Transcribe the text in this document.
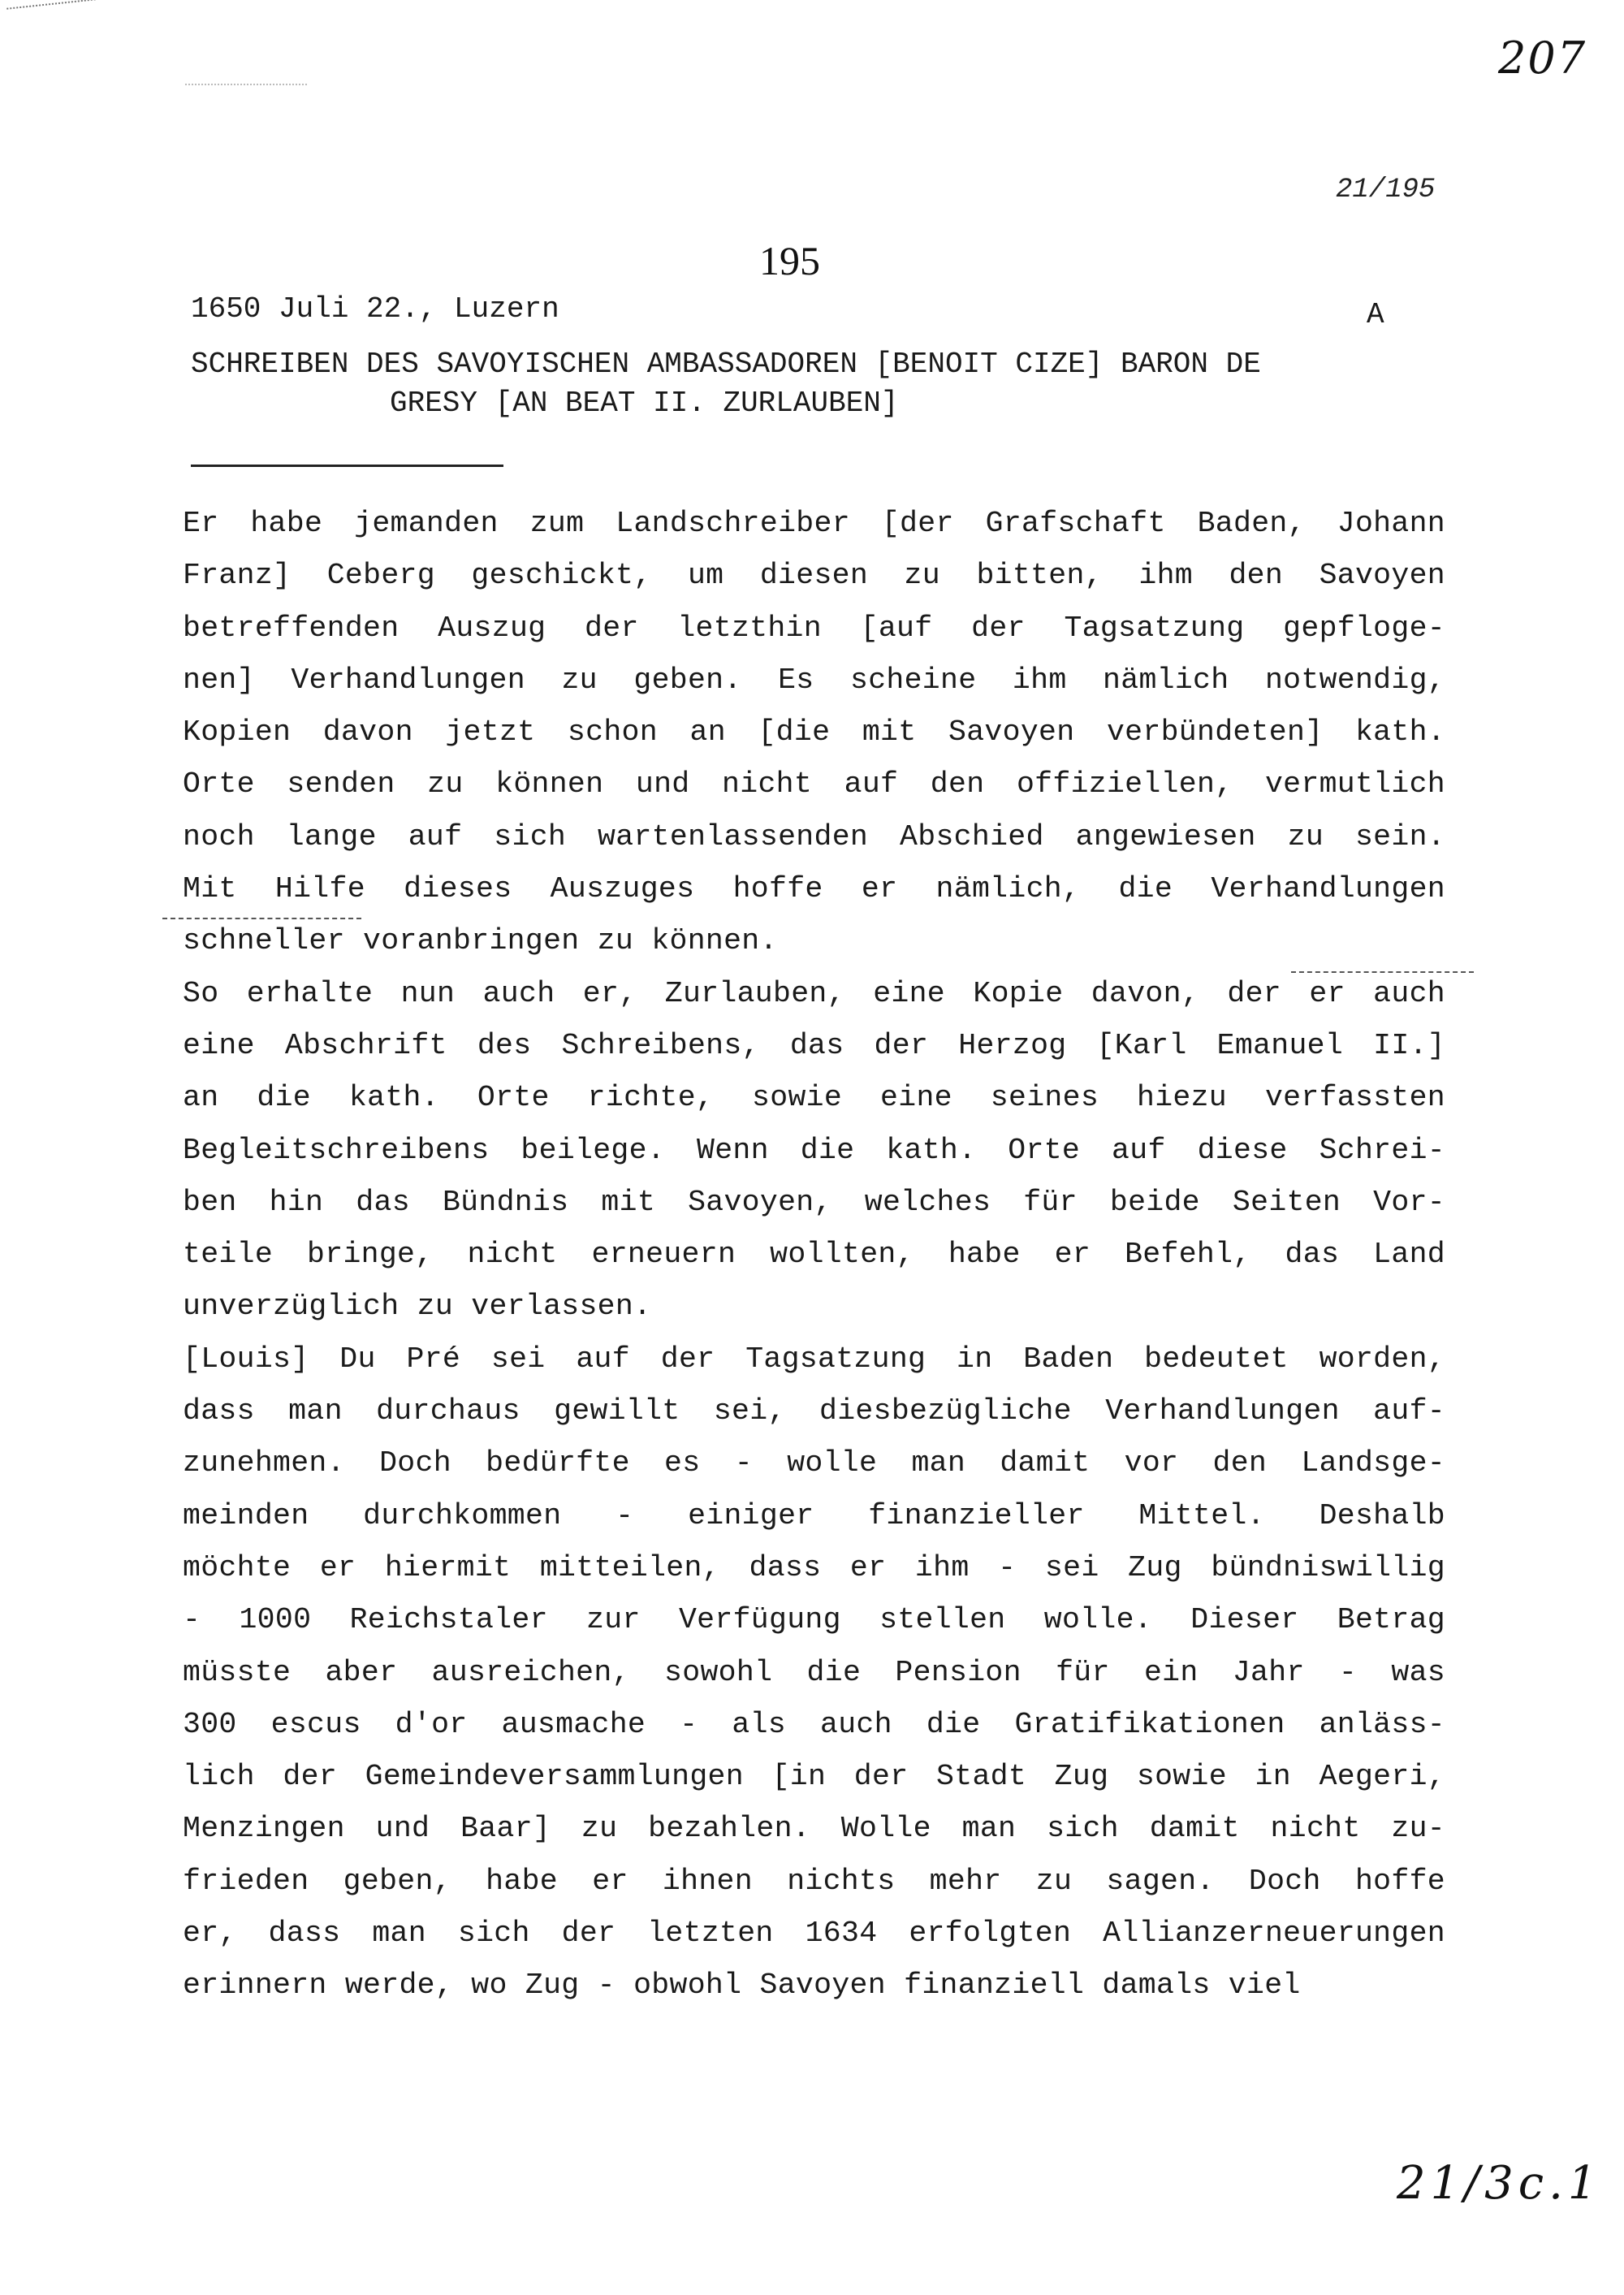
207
21/195
195
1650 Juli 22., Luzern	A
SCHREIBEN DES SAVOYISCHEN AMBASSADOREN [BENOIT CIZE] BARON DE
GRESY [AN BEAT II. ZURLAUBEN]
Er habe jemanden zum Landschreiber [der Grafschaft Baden, Johann
Franz] Ceberg geschickt, um diesen zu bitten, ihm den Savoyen
betreffenden Auszug der letzthin [auf der Tagsatzung gepfloge-
nen] Verhandlungen zu geben. Es scheine ihm nämlich notwendig,
Kopien davon jetzt schon an [die mit Savoyen verbündeten] kath.
Orte senden zu können und nicht auf den offiziellen, vermutlich
noch lange auf sich wartenlassenden Abschied angewiesen zu sein.
Mit Hilfe dieses Auszuges hoffe er nämlich, die Verhandlungen
schneller voranbringen zu können.
So erhalte nun auch er, Zurlauben, eine Kopie davon, der er auch
eine Abschrift des Schreibens, das der Herzog [Karl Emanuel II.]
an die kath. Orte richte, sowie eine seines hiezu verfassten
Begleitschreibens beilege. Wenn die kath. Orte auf diese Schrei-
ben hin das Bündnis mit Savoyen, welches für beide Seiten Vor-
teile bringe, nicht erneuern wollten, habe er Befehl, das Land
unverzüglich zu verlassen.
[Louis] Du Pré sei auf der Tagsatzung in Baden bedeutet worden,
dass man durchaus gewillt sei, diesbezügliche Verhandlungen auf-
zunehmen. Doch bedürfte es - wolle man damit vor den Landsge-
meinden durchkommen - einiger finanzieller Mittel. Deshalb
möchte er hiermit mitteilen, dass er ihm - sei Zug bündniswillig
- 1000 Reichstaler zur Verfügung stellen wolle. Dieser Betrag
müsste aber ausreichen, sowohl die Pension für ein Jahr - was
300 escus d'or ausmache - als auch die Gratifikationen anläss-
lich der Gemeindeversammlungen [in der Stadt Zug sowie in Aegeri,
Menzingen und Baar] zu bezahlen. Wolle man sich damit nicht zu-
frieden geben, habe er ihnen nichts mehr zu sagen. Doch hoffe
er, dass man sich der letzten 1634 erfolgten Allianzerneuerungen
erinnern werde, wo Zug - obwohl Savoyen finanziell damals viel
21/3c.1
